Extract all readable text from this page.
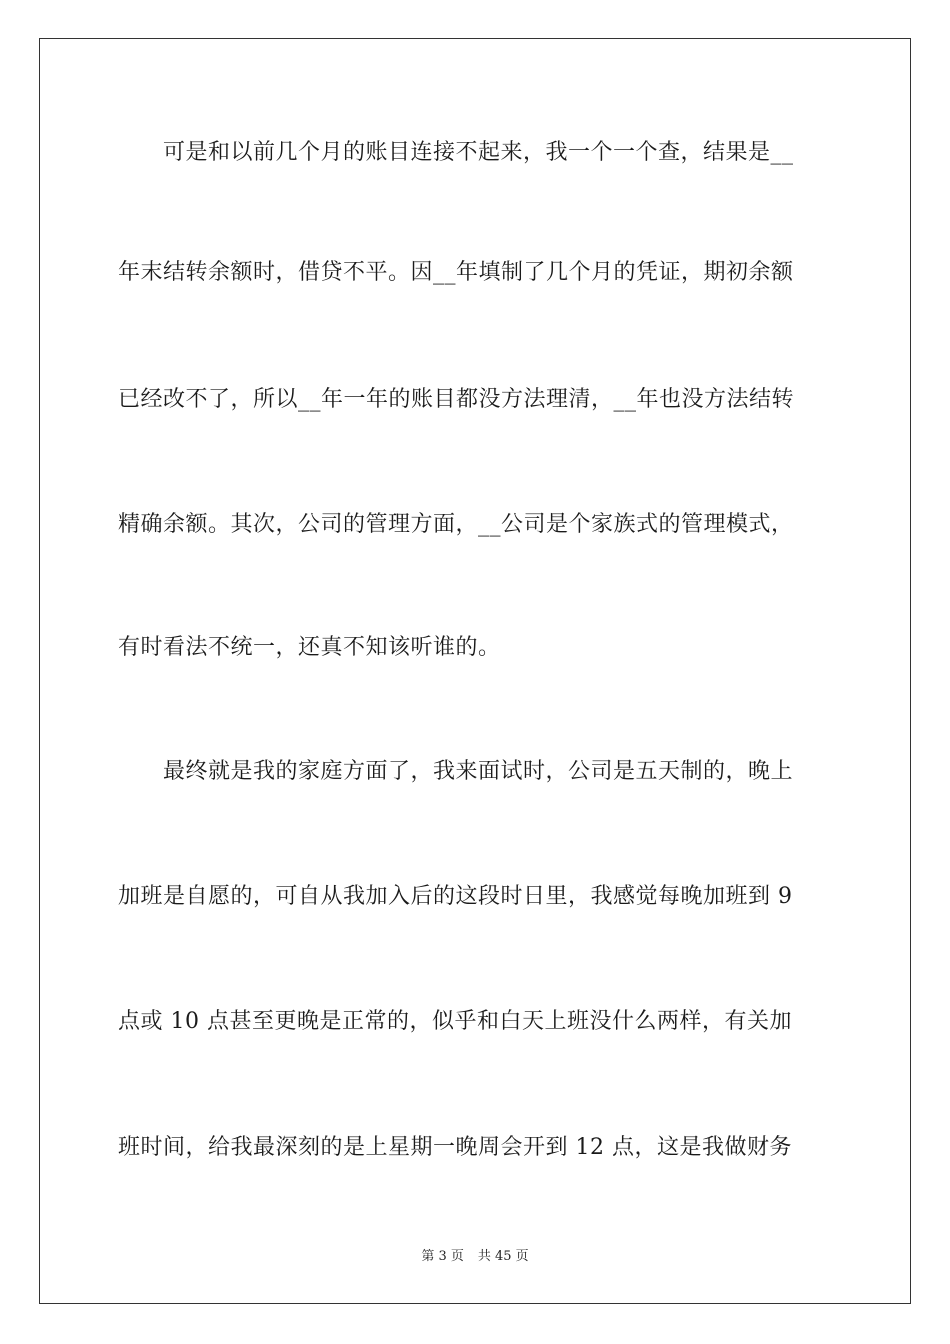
可是和以前几个月的账目连接不起来，我一个一个查，结果是__
年末结转余额时，借贷不平。因__年填制了几个月的凭证，期初余额
已经改不了，所以__年一年的账目都没方法理清，__年也没方法结转
精确余额。其次，公司的管理方面，__公司是个家族式的管理模式，
有时看法不统一，还真不知该听谁的。
最终就是我的家庭方面了，我来面试时，公司是五天制的，晚上
加班是自愿的，可自从我加入后的这段时日里，我感觉每晚加班到 9
点或 10 点甚至更晚是正常的，似乎和白天上班没什么两样，有关加
班时间，给我最深刻的是上星期一晚周会开到 12 点，这是我做财务
第 3 页 共 45 页
